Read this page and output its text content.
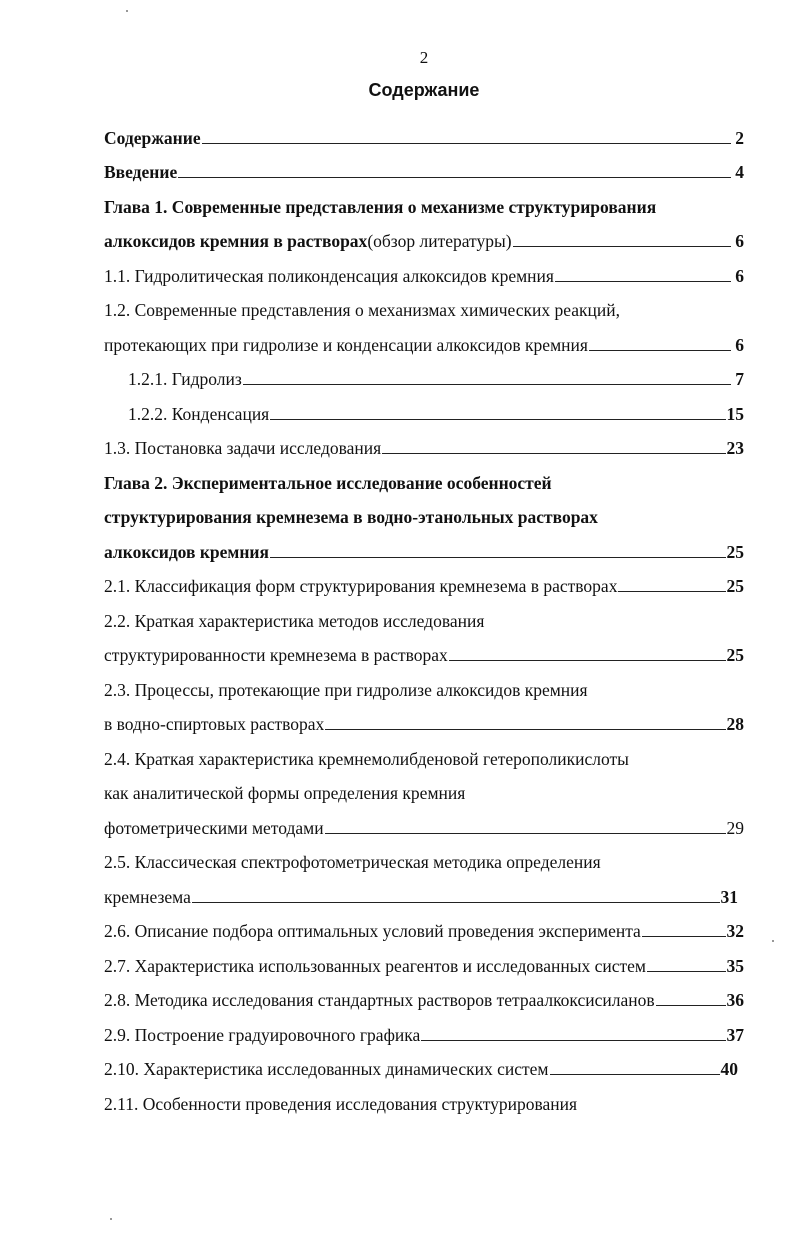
2
Содержание
Содержание	2
Введение	4
Глава 1. Современные представления о механизме структурирования
алкоксидов кремния в растворах (обзор литературы)	6
1.1. Гидролитическая поликонденсация алкоксидов кремния	6
1.2. Современные представления о механизмах химических реакций,
протекающих при гидролизе и конденсации алкоксидов кремния	6
1.2.1. Гидролиз	7
1.2.2. Конденсация	15
1.3. Постановка задачи исследования	23
Глава 2. Экспериментальное исследование особенностей
структурирования кремнезема в водно-этанольных растворах
алкоксидов кремния	25
2.1. Классификация форм структурирования кремнезема в растворах	25
2.2. Краткая характеристика методов исследования
структурированности кремнезема в растворах	25
2.3. Процессы, протекающие при гидролизе алкоксидов кремния
в водно-спиртовых растворах	28
2.4. Краткая характеристика кремнемолибденовой гетерополикислоты
как аналитической формы определения кремния
фотометрическими методами	29
2.5. Классическая спектрофотометрическая методика определения
кремнезема	31
2.6. Описание подбора оптимальных условий проведения эксперимента	32
2.7. Характеристика использованных реагентов и исследованных систем	35
2.8. Методика исследования стандартных растворов тетраалкоксисиланов	36
2.9. Построение градуировочного графика	37
2.10. Характеристика исследованных динамических систем	40
2.11. Особенности проведения исследования структурирования
